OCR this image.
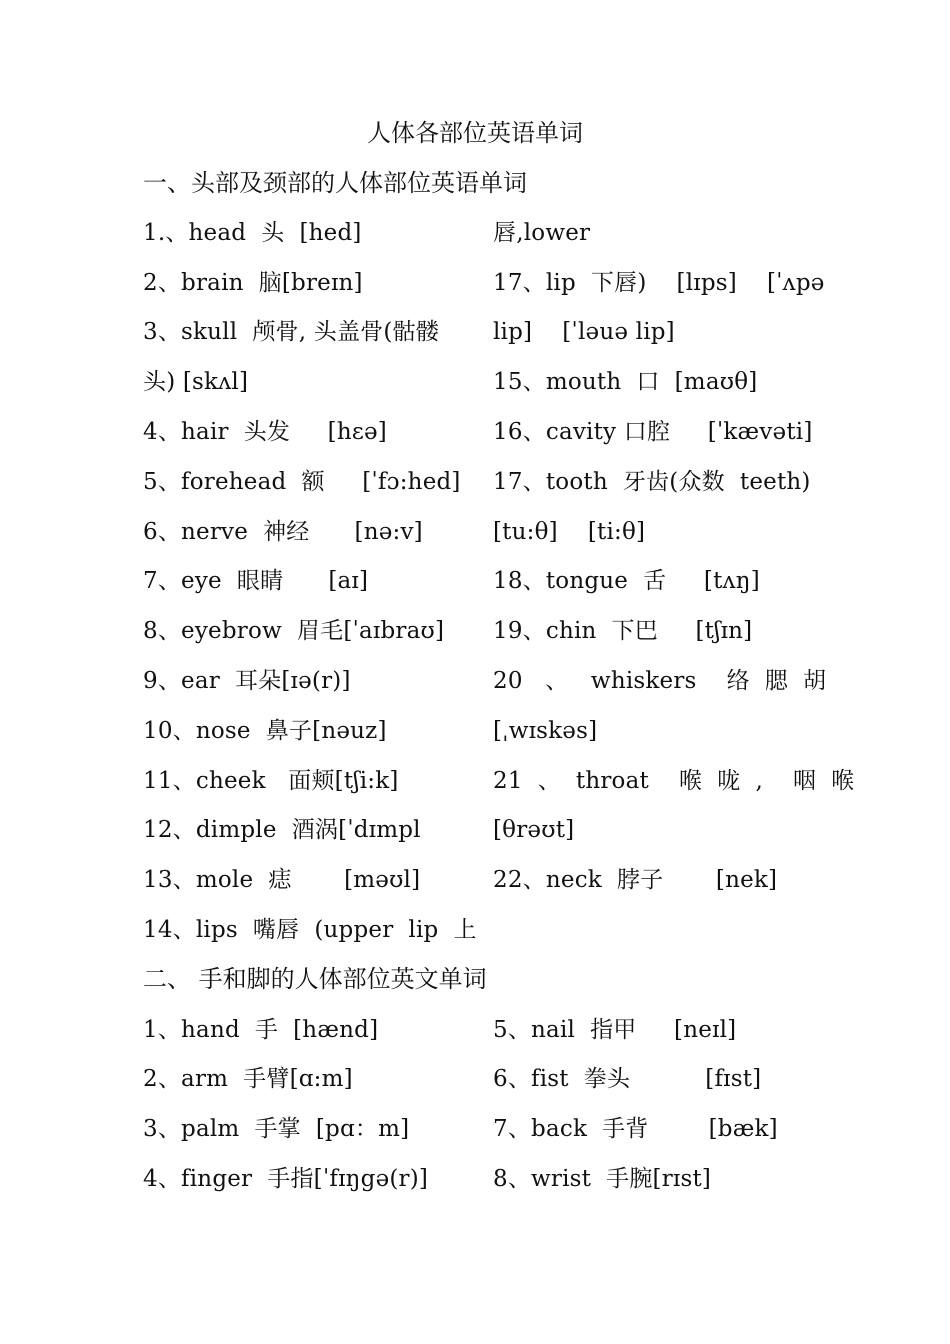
人体各部位英语单词
一、头部及颈部的人体部位英语单词
1.、head  头  [hed]
2、brain  脑[breɪn]
3、skull  颅骨, 头盖骨(骷髅
头) [skʌl]
4、hair  头发     [hεə]
5、forehead  额     [ˈfɔ:hed]
6、nerve  神经      [nə:v]
7、eye  眼睛      [aɪ]
8、eyebrow  眉毛[ˈaɪbraʊ]
9、ear  耳朵[ɪə(r)]
10、nose  鼻子[nəuz]
11、cheek   面颊[tʃi:k]
12、dimple  酒涡[ˈdɪmpl
13、mole  痣       [məʊl]
14、lips  嘴唇  (upper  lip  上
唇,lower
17、lip  下唇)    [lɪps]    [ˈʌpə
lip]    [ˈləuə lip]
15、mouth  口  [maʊθ]
16、cavity 口腔     [ˈkævəti]
17、tooth  牙齿(众数  teeth)
[tu:θ]    [ti:θ]
18、tongue  舌     [tʌŋ]
19、chin  下巴     [tʃɪn]
20   、   whiskers    络  腮  胡
[ˌwɪskəs]
21  、  throat    喉  咙  ,    咽  喉
[θrəʊt]
22、neck  脖子       [nek]
二、 手和脚的人体部位英文单词
1、hand  手  [hænd]
2、arm  手臂[ɑ:m]
3、palm  手掌  [pɑ：m]
4、finger  手指[ˈfɪŋgə(r)]
5、nail  指甲     [neɪl]
6、fist  拳头          [fɪst]
7、back  手背        [bæk]
8、wrist  手腕[rɪst]
